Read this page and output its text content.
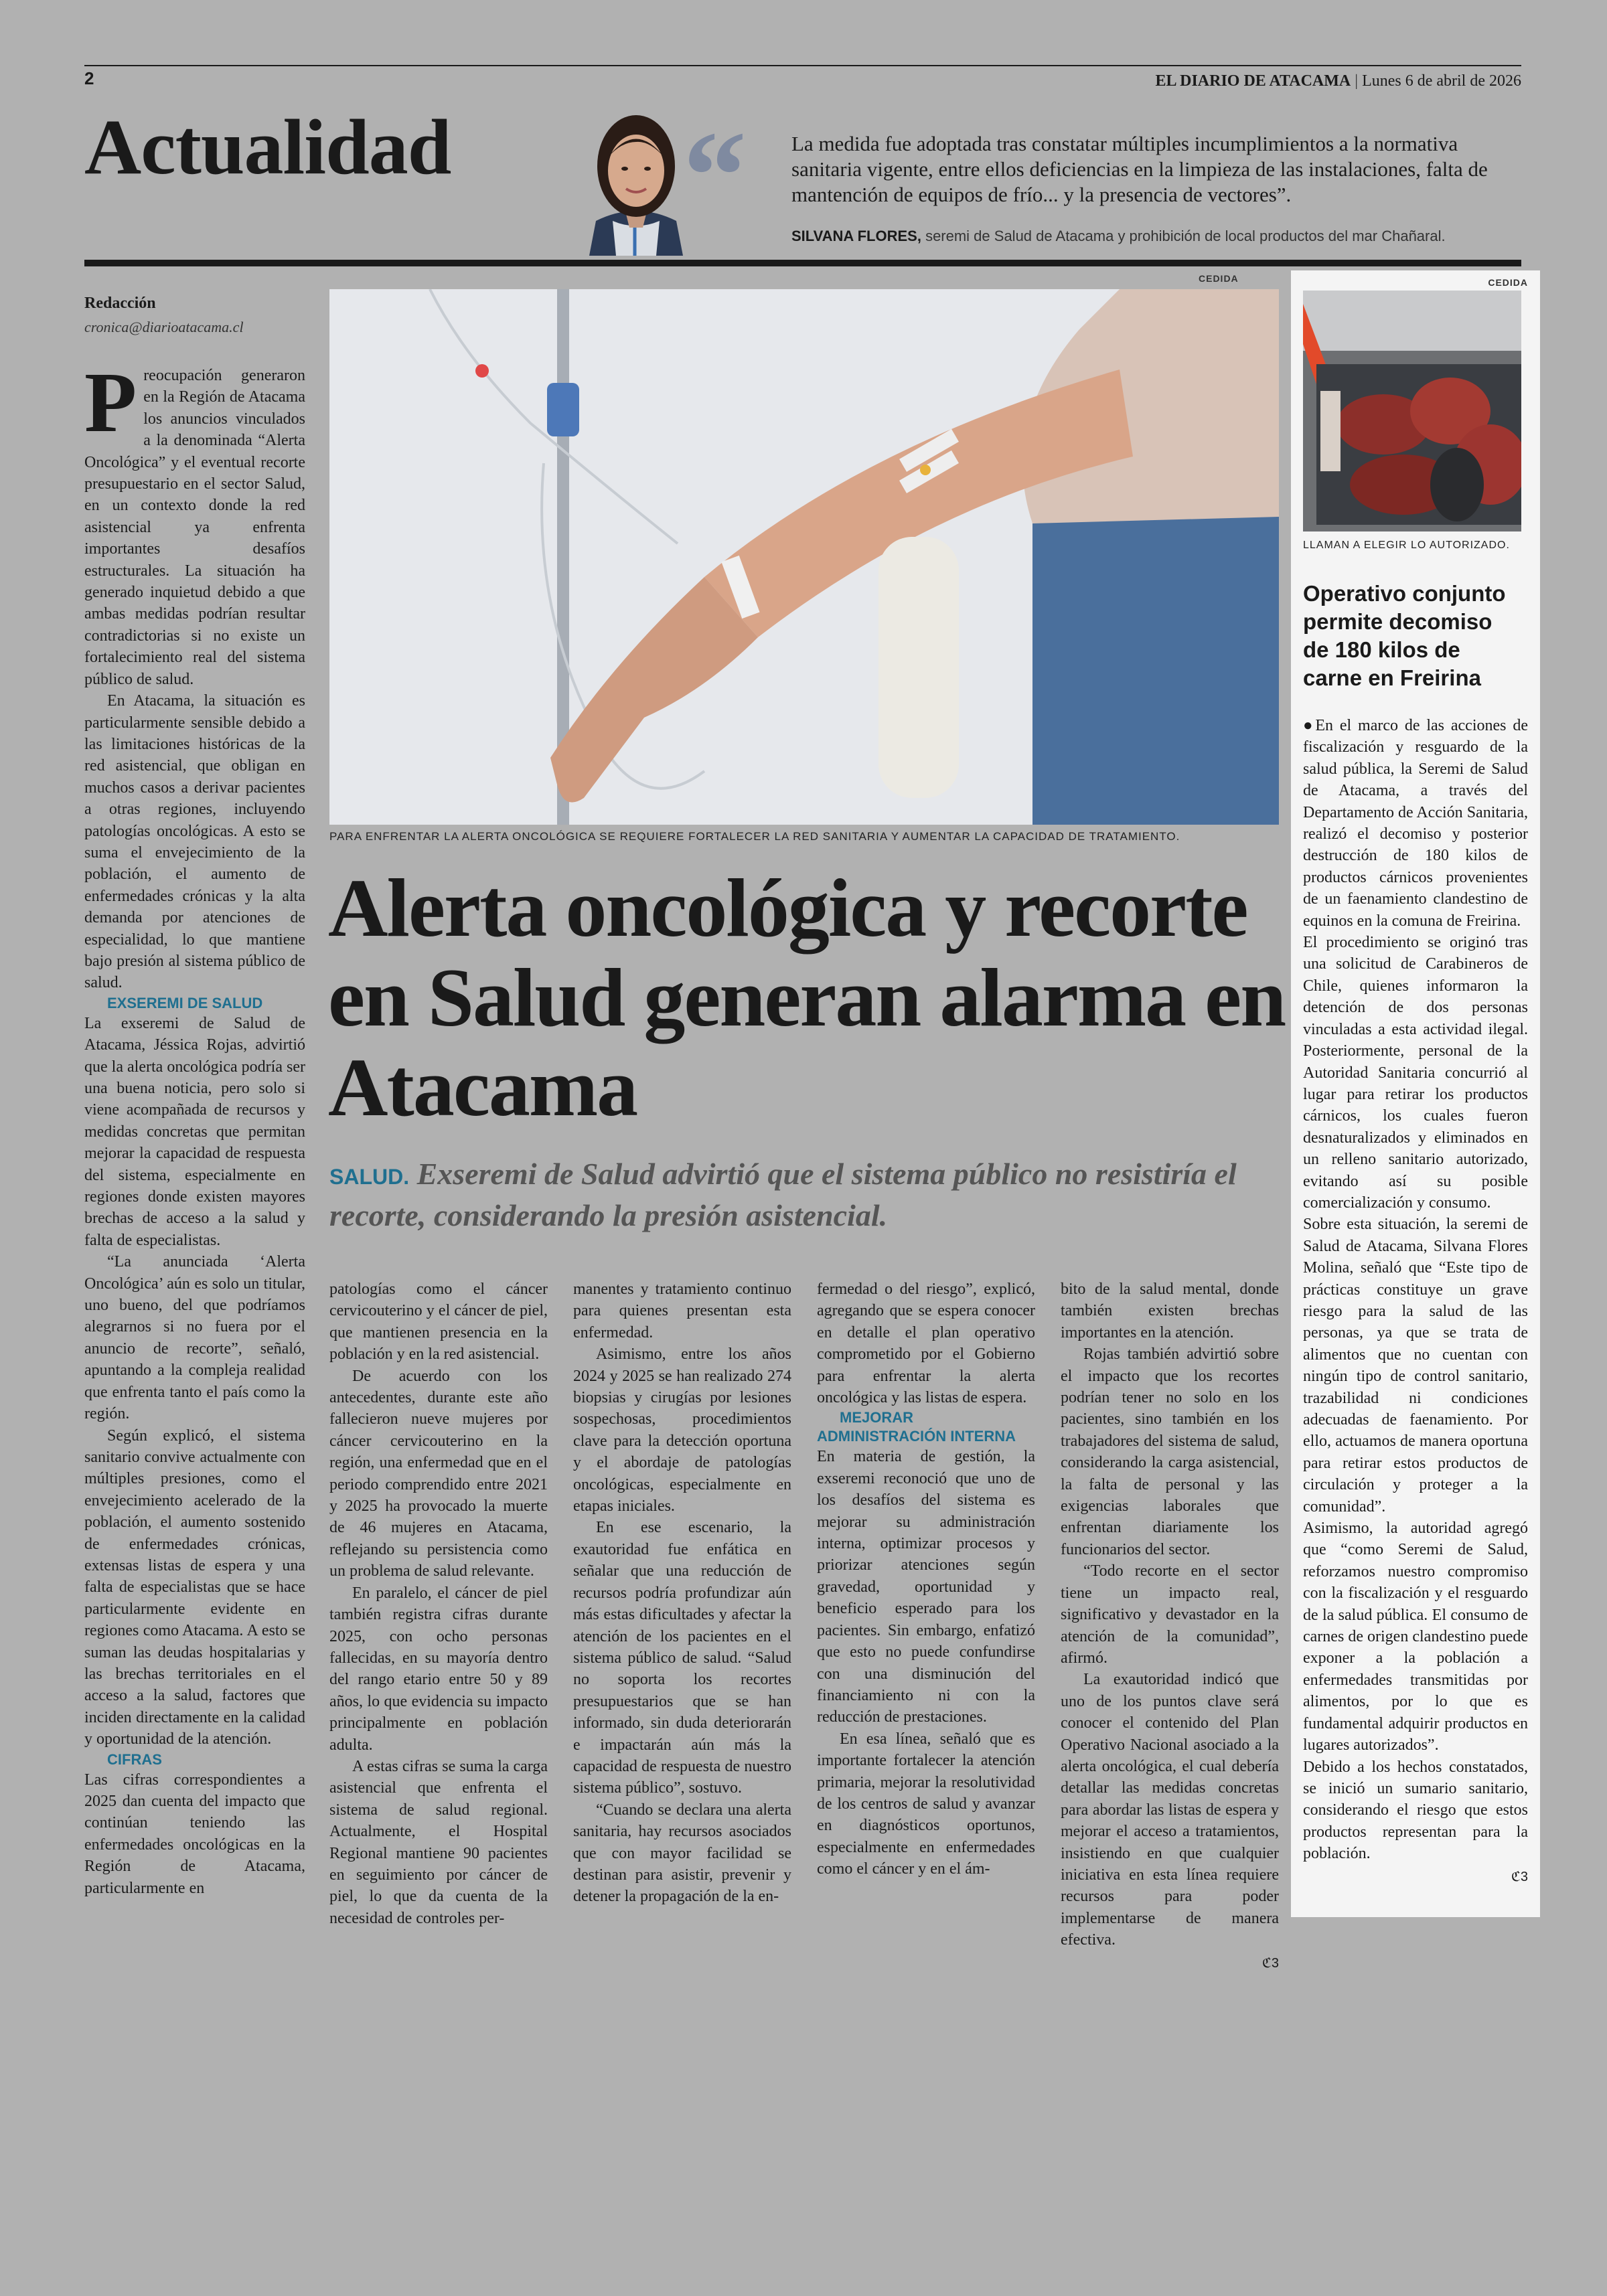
2	EL DIARIO DE ATACAMA | Lunes 6 de abril de 2026
Actualidad “ La medida fue adoptada tras constatar múltiples incumplimientos a la normativa sanitaria vigente, entre ellos deficiencias en la limpieza de las instalaciones, falta de mantención de equipos de frío... y la presencia de vectores”.
SILVANA FLORES, seremi de Salud de Atacama y prohibición de local productos del mar Chañaral.
Redacción
cronica@diarioatacama.cl
CEDIDA
PARA ENFRENTAR LA ALERTA ONCOLÓGICA SE REQUIERE FORTALECER LA RED SANITARIA Y AUMENTAR LA CAPACIDAD DE TRATAMIENTO.
Alerta oncológica y recorte en Salud generan alarma en Atacama
SALUD. Exseremi de Salud advirtió que el sistema público no resistiría el recorte, considerando la presión asistencial.

Preocupación generaron en la Región de Atacama los anuncios vinculados a la denominada “Alerta Oncológica” y el eventual recorte presupuestario en el sector Salud, en un contexto donde la red asistencial ya enfrenta importantes desafíos estructurales. La situación ha generado inquietud debido a que ambas medidas podrían resultar contradictorias si no existe un fortalecimiento real del sistema público de salud.

En Atacama, la situación es particularmente sensible debido a las limitaciones históricas de la red asistencial, que obligan en muchos casos a derivar pacientes a otras regiones, incluyendo patologías oncológicas. A esto se suma el envejecimiento de la población, el aumento de enfermedades crónicas y la alta demanda por atenciones de especialidad, lo que mantiene bajo presión al sistema público de salud.

EXSEREMI DE SALUD

La exseremi de Salud de Atacama, Jéssica Rojas, advirtió que la alerta oncológica podría ser una buena noticia, pero solo si viene acompañada de recursos y medidas concretas que permitan mejorar la capacidad de respuesta del sistema, especialmente en regiones donde existen mayores brechas de acceso a la salud y falta de especialistas.

“La anunciada ‘Alerta Oncológica’ aún es solo un titular, uno bueno, del que podríamos alegrarnos si no fuera por el anuncio de recorte”, señaló, apuntando a la compleja realidad que enfrenta tanto el país como la región.

Según explicó, el sistema sanitario convive actualmente con múltiples presiones, como el envejecimiento acelerado de la población, el aumento sostenido de enfermedades crónicas, extensas listas de espera y una falta de especialistas que se hace particularmente evidente en regiones como Atacama. A esto se suman las deudas hospitalarias y las brechas territoriales en el acceso a la salud, factores que inciden directamente en la calidad y oportunidad de la atención.

CIFRAS

Las cifras correspondientes a 2025 dan cuenta del impacto que continúan teniendo las enfermedades oncológicas en la Región de Atacama, particularmente en

patologías como el cáncer cervicouterino y el cáncer de piel, que mantienen presencia en la población y en la red asistencial.

De acuerdo con los antecedentes, durante este año fallecieron nueve mujeres por cáncer cervicouterino en la región, una enfermedad que en el periodo comprendido entre 2021 y 2025 ha provocado la muerte de 46 mujeres en Atacama, reflejando su persistencia como un problema de salud relevante.

En paralelo, el cáncer de piel también registra cifras durante 2025, con ocho personas fallecidas, en su mayoría dentro del rango etario entre 50 y 89 años, lo que evidencia su impacto principalmente en población adulta.

A estas cifras se suma la carga asistencial que enfrenta el sistema de salud regional. Actualmente, el Hospital Regional mantiene 90 pacientes en seguimiento por cáncer de piel, lo que da cuenta de la necesidad de controles per-

manentes y tratamiento continuo para quienes presentan esta enfermedad.

Asimismo, entre los años 2024 y 2025 se han realizado 274 biopsias y cirugías por lesiones sospechosas, procedimientos clave para la detección oportuna y el abordaje de patologías oncológicas, especialmente en etapas iniciales.

En ese escenario, la exautoridad fue enfática en señalar que una reducción de recursos podría profundizar aún más estas dificultades y afectar la atención de los pacientes en el sistema público de salud. “Salud no soporta los recortes presupuestarios que se han informado, sin duda deteriorarán e impactarán aún más la capacidad de respuesta de nuestro sistema público”, sostuvo.

“Cuando se declara una alerta sanitaria, hay recursos asociados que con mayor facilidad se destinan para asistir, prevenir y detener la propagación de la en-

fermedad o del riesgo”, explicó, agregando que se espera conocer en detalle el plan operativo comprometido por el Gobierno para enfrentar la alerta oncológica y las listas de espera.

MEJORAR ADMINISTRACIÓN INTERNA

En materia de gestión, la exseremi reconoció que uno de los desafíos del sistema es mejorar su administración interna, optimizar procesos y priorizar atenciones según gravedad, oportunidad y beneficio esperado para los pacientes. Sin embargo, enfatizó que esto no puede confundirse con una disminución del financiamiento ni con la reducción de prestaciones.

En esa línea, señaló que es importante fortalecer la atención primaria, mejorar la resolutividad de los centros de salud y avanzar en diagnósticos oportunos, especialmente en enfermedades como el cáncer y en el ám-

bito de la salud mental, donde también existen brechas importantes en la atención.

Rojas también advirtió sobre el impacto que los recortes podrían tener no solo en los pacientes, sino también en los trabajadores del sistema de salud, considerando la carga asistencial, la falta de personal y las exigencias laborales que enfrentan diariamente los funcionarios del sector.

“Todo recorte en el sector tiene un impacto real, significativo y devastador en la atención de la comunidad”, afirmó.

La exautoridad indicó que uno de los puntos clave será conocer el contenido del Plan Operativo Nacional asociado a la alerta oncológica, el cual debería detallar las medidas concretas para abordar las listas de espera y mejorar el acceso a tratamientos, insistiendo en que cualquier iniciativa en esta línea requiere recursos para poder implementarse de manera efectiva.

ℭ3
CEDIDA
LLAMAN A ELEGIR LO AUTORIZADO.
Operativo conjunto permite decomiso de 180 kilos de carne en Freirina

●En el marco de las acciones de fiscalización y resguardo de la salud pública, la Seremi de Salud de Atacama, a través del Departamento de Acción Sanitaria, realizó el decomiso y posterior destrucción de 180 kilos de productos cárnicos provenientes de un faenamiento clandestino de equinos en la comuna de Freirina.

El procedimiento se originó tras una solicitud de Carabineros de Chile, quienes informaron la detención de dos personas vinculadas a esta actividad ilegal. Posteriormente, personal de la Autoridad Sanitaria concurrió al lugar para retirar los productos cárnicos, los cuales fueron desnaturalizados y eliminados en un relleno sanitario autorizado, evitando así su posible comercialización y consumo.

Sobre esta situación, la seremi de Salud de Atacama, Silvana Flores Molina, señaló que “Este tipo de prácticas constituye un grave riesgo para la salud de las personas, ya que se trata de alimentos que no cuentan con ningún tipo de control sanitario, trazabilidad ni condiciones adecuadas de faenamiento. Por ello, actuamos de manera oportuna para retirar estos productos de circulación y proteger a la comunidad”.

Asimismo, la autoridad agregó que “como Seremi de Salud, reforzamos nuestro compromiso con la fiscalización y el resguardo de la salud pública. El consumo de carnes de origen clandestino puede exponer a la población a enfermedades transmitidas por alimentos, por lo que es fundamental adquirir productos en lugares autorizados”.

Debido a los hechos constatados, se inició un sumario sanitario, considerando el riesgo que estos productos representan para la población.

ℭ3
